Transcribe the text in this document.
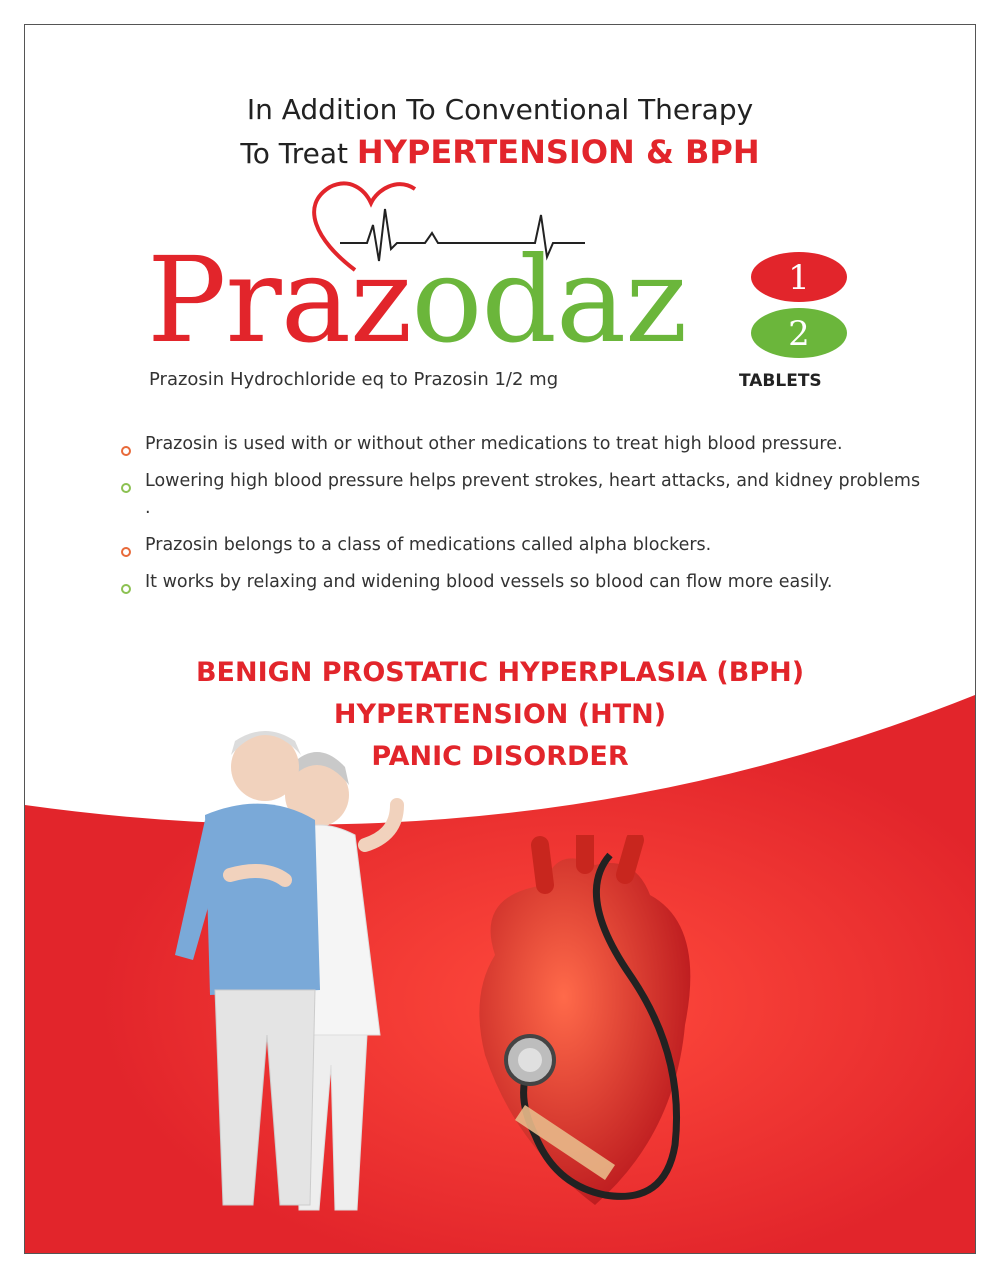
In Addition To Conventional Therapy
To Treat HYPERTENSION & BPH
Prazodaz	1
2
Prazosin Hydrochloride eq to Prazosin 1/2 mg	TABLETS
Prazosin is used with or without other medications to treat high blood pressure.
Lowering high blood pressure helps prevent strokes, heart attacks, and kidney problems .
Prazosin belongs to a class of medications called alpha blockers.
It works by relaxing and widening blood vessels so blood can flow more easily.
BENIGN PROSTATIC HYPERPLASIA (BPH)
HYPERTENSION (HTN)
PANIC DISORDER
